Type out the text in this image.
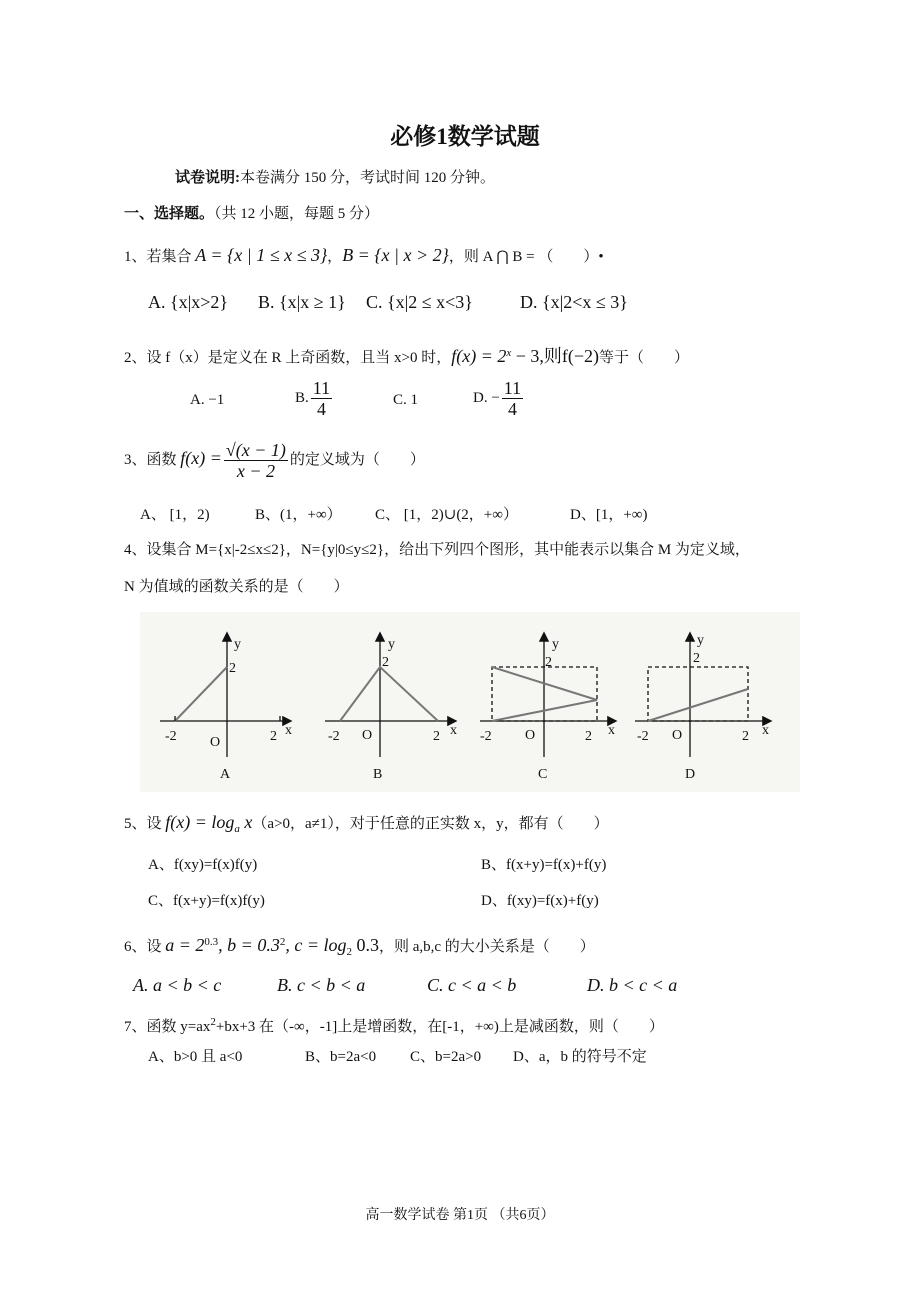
必修1数学试题
试卷说明:本卷满分 150 分，考试时间 120 分钟。
一、选择题。（共 12 小题，每题 5 分）
1、若集合 A = {x | 1 ≤ x ≤ 3}，B = {x | x > 2}，则 A ⋂ B = （　　）•
A. {x|x>2} B. {x|x ≥ 1} C. {x|2 ≤ x<3}	D. {x|2<x ≤ 3}
2、设 f（x）是定义在 R 上奇函数，且当 x>0 时，$f(x) = 2^x - 3$,则f(−2)等于（　　）
A. −1	B. $\frac{11}{4}$	C. 1	D. − $\frac{11}{4}$
3、函数 $f(x) = \frac{√(x - 1)}{x - 2}$ 的定义域为（　　）
A、 [1，2)	B、(1，+∞） C、 [1，2)∪(2，+∞）	D、[1，+∞)
4、设集合 M={x|-2≤x≤2}，N={y|0≤y≤2}，给出下列四个图形，其中能表示以集合 M 为定义域，
N 为值域的函数关系的是（　　）
-2	2
2
O
y
x
A
-2	2
2
O
y
x
B
-2	2
2
O
y
x
C
-2	2
2
O
y
x
D
5、设 $f(x) = \log_a x(a>0$，a≠1），对于任意的正实数 x，y，都有（　　）
A、f(xy)=f(x)f(y)	B、f(x+y)=f(x)+f(y)
C、f(x+y)=f(x)f(y)	D、f(xy)=f(x)+f(y)
6、设 $a = 2^{0.3}$, $b = 0.3^2$, $c = \log_2 0.3$，则 a,b,c 的大小关系是（　　）
A. a < b < c	B. c < b < a	C. c < a < b	D. b < c < a
7、函数 $y=ax^2+bx+3$ 在（-∞，-1]上是增函数，在[-1，+∞)上是减函数，则（　　）
A、b>0 且 a<0	B、b=2a<0 C、b=2a>0 D、a，b 的符号不定
高一数学试卷 第1页 （共6页）
